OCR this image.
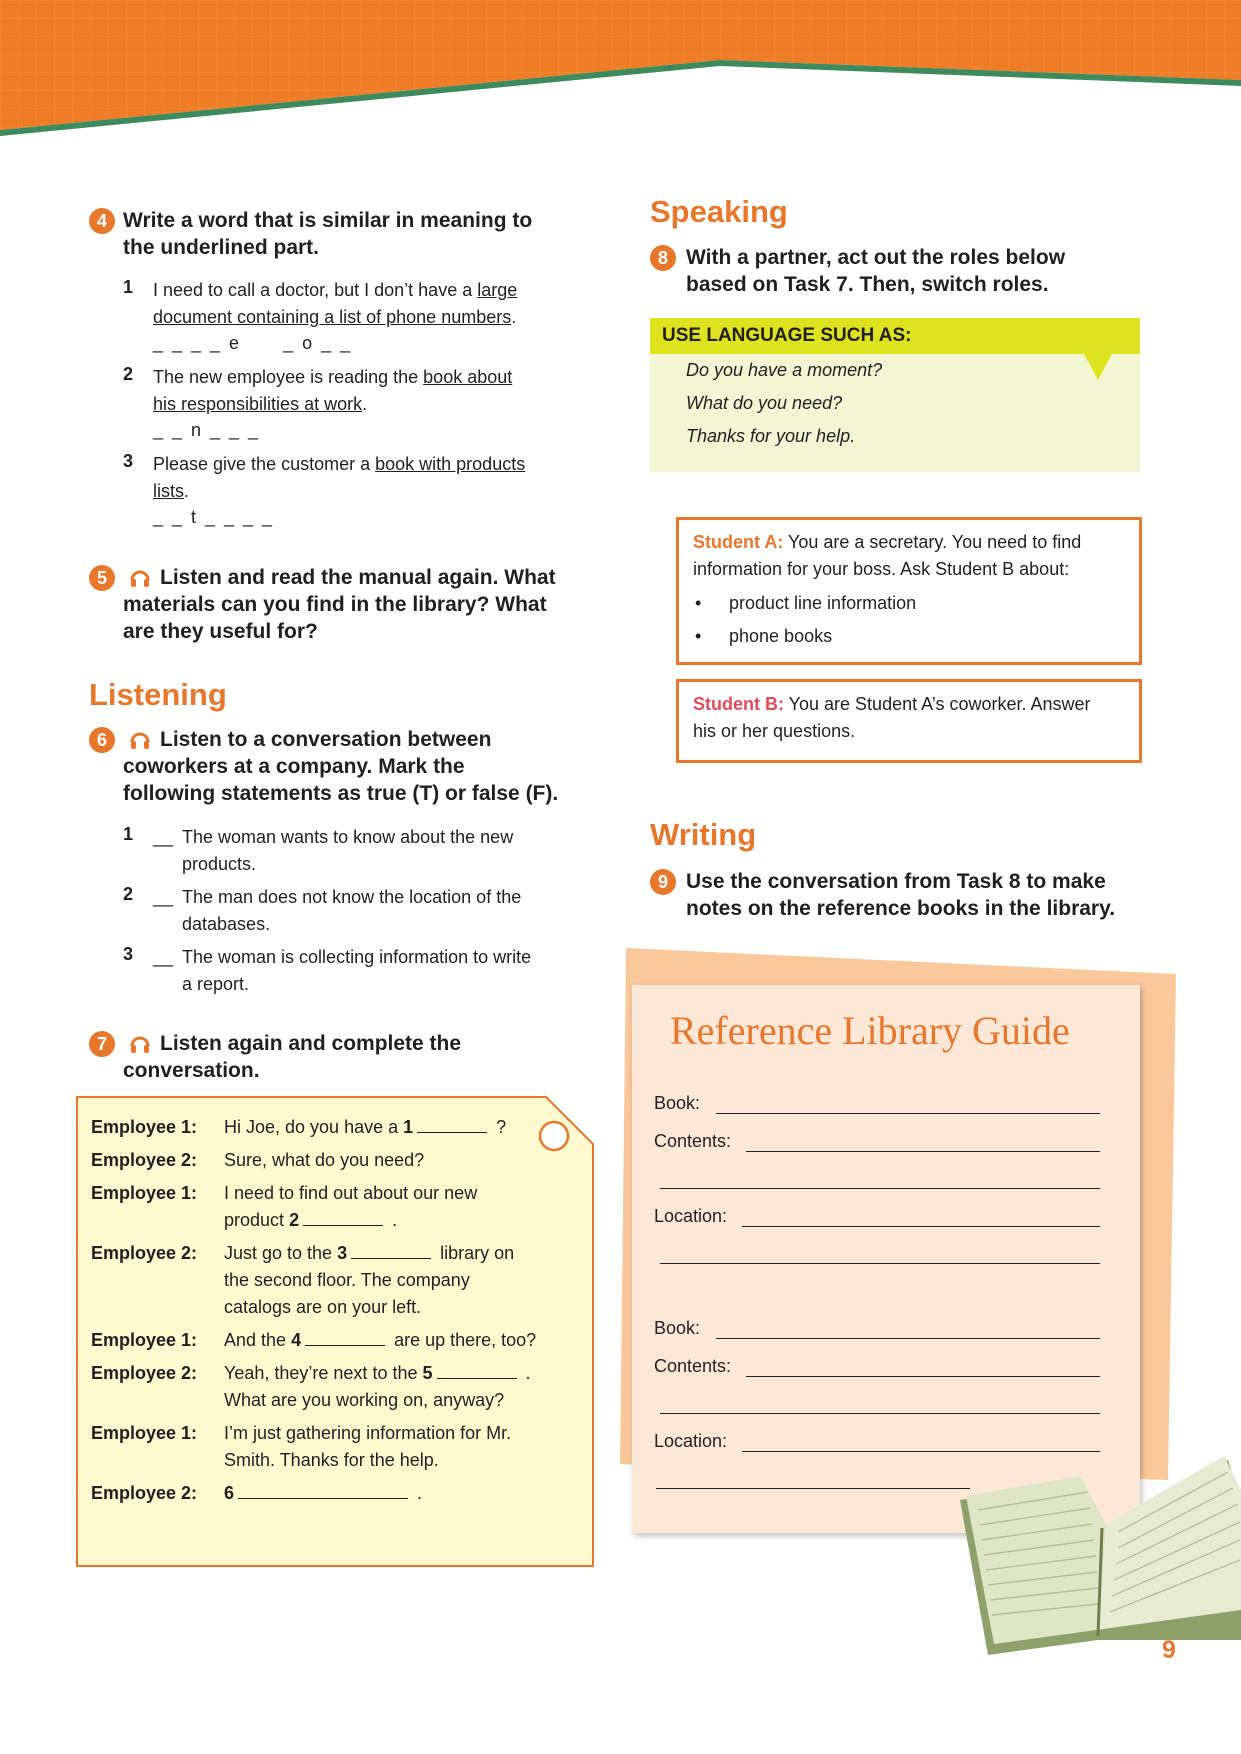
4 Write a word that is similar in meaning to
the underlined part.
1 I need to call a doctor, but I don’t have a large
document containing a list of phone numbers.
_ _ _ _ e      _ o _ _
2 The new employee is reading the book about
his responsibilities at work.
_ _ n _ _ _
3 Please give the customer a book with products
lists.
_ _ t _ _ _ _
5	Listen and read the manual again. What
materials can you find in the library? What
are they useful for?
Listening
6	Listen to a conversation between
coworkers at a company. Mark the
following statements as true (T) or false (F).
1 __ The woman wants to know about the new
products.
2 __ The man does not know the location of the
databases.
3 __ The woman is collecting information to write
a report.
7	Listen again and complete the
conversation.
Employee 1:	Hi Joe, do you have a 1	?
Employee 2:	Sure, what do you need?
Employee 1:	I need to find out about our new
product 2	.
Employee 2:	Just go to the 3	library on
the second floor. The company
catalogs are on your left.
Employee 1:	And the 4	are up there, too?
Employee 2:	Yeah, they’re next to the 5	.
What are you working on, anyway?
Employee 1:	I’m just gathering information for Mr.
Smith. Thanks for the help.
Employee 2:	6	.
Speaking
8 With a partner, act out the roles below
based on Task 7. Then, switch roles.
USE LANGUAGE SUCH AS:
Do you have a moment?
What do you need?
Thanks for your help.
Student A: You are a secretary. You need to find
information for your boss. Ask Student B about:
• product line information
• phone books
Student B: You are Student A’s coworker. Answer
his or her questions.
Writing
9 Use the conversation from Task 8 to make
notes on the reference books in the library.
Reference Library Guide
Book:
Contents:
Location:
Book:
Contents:
Location:
9
